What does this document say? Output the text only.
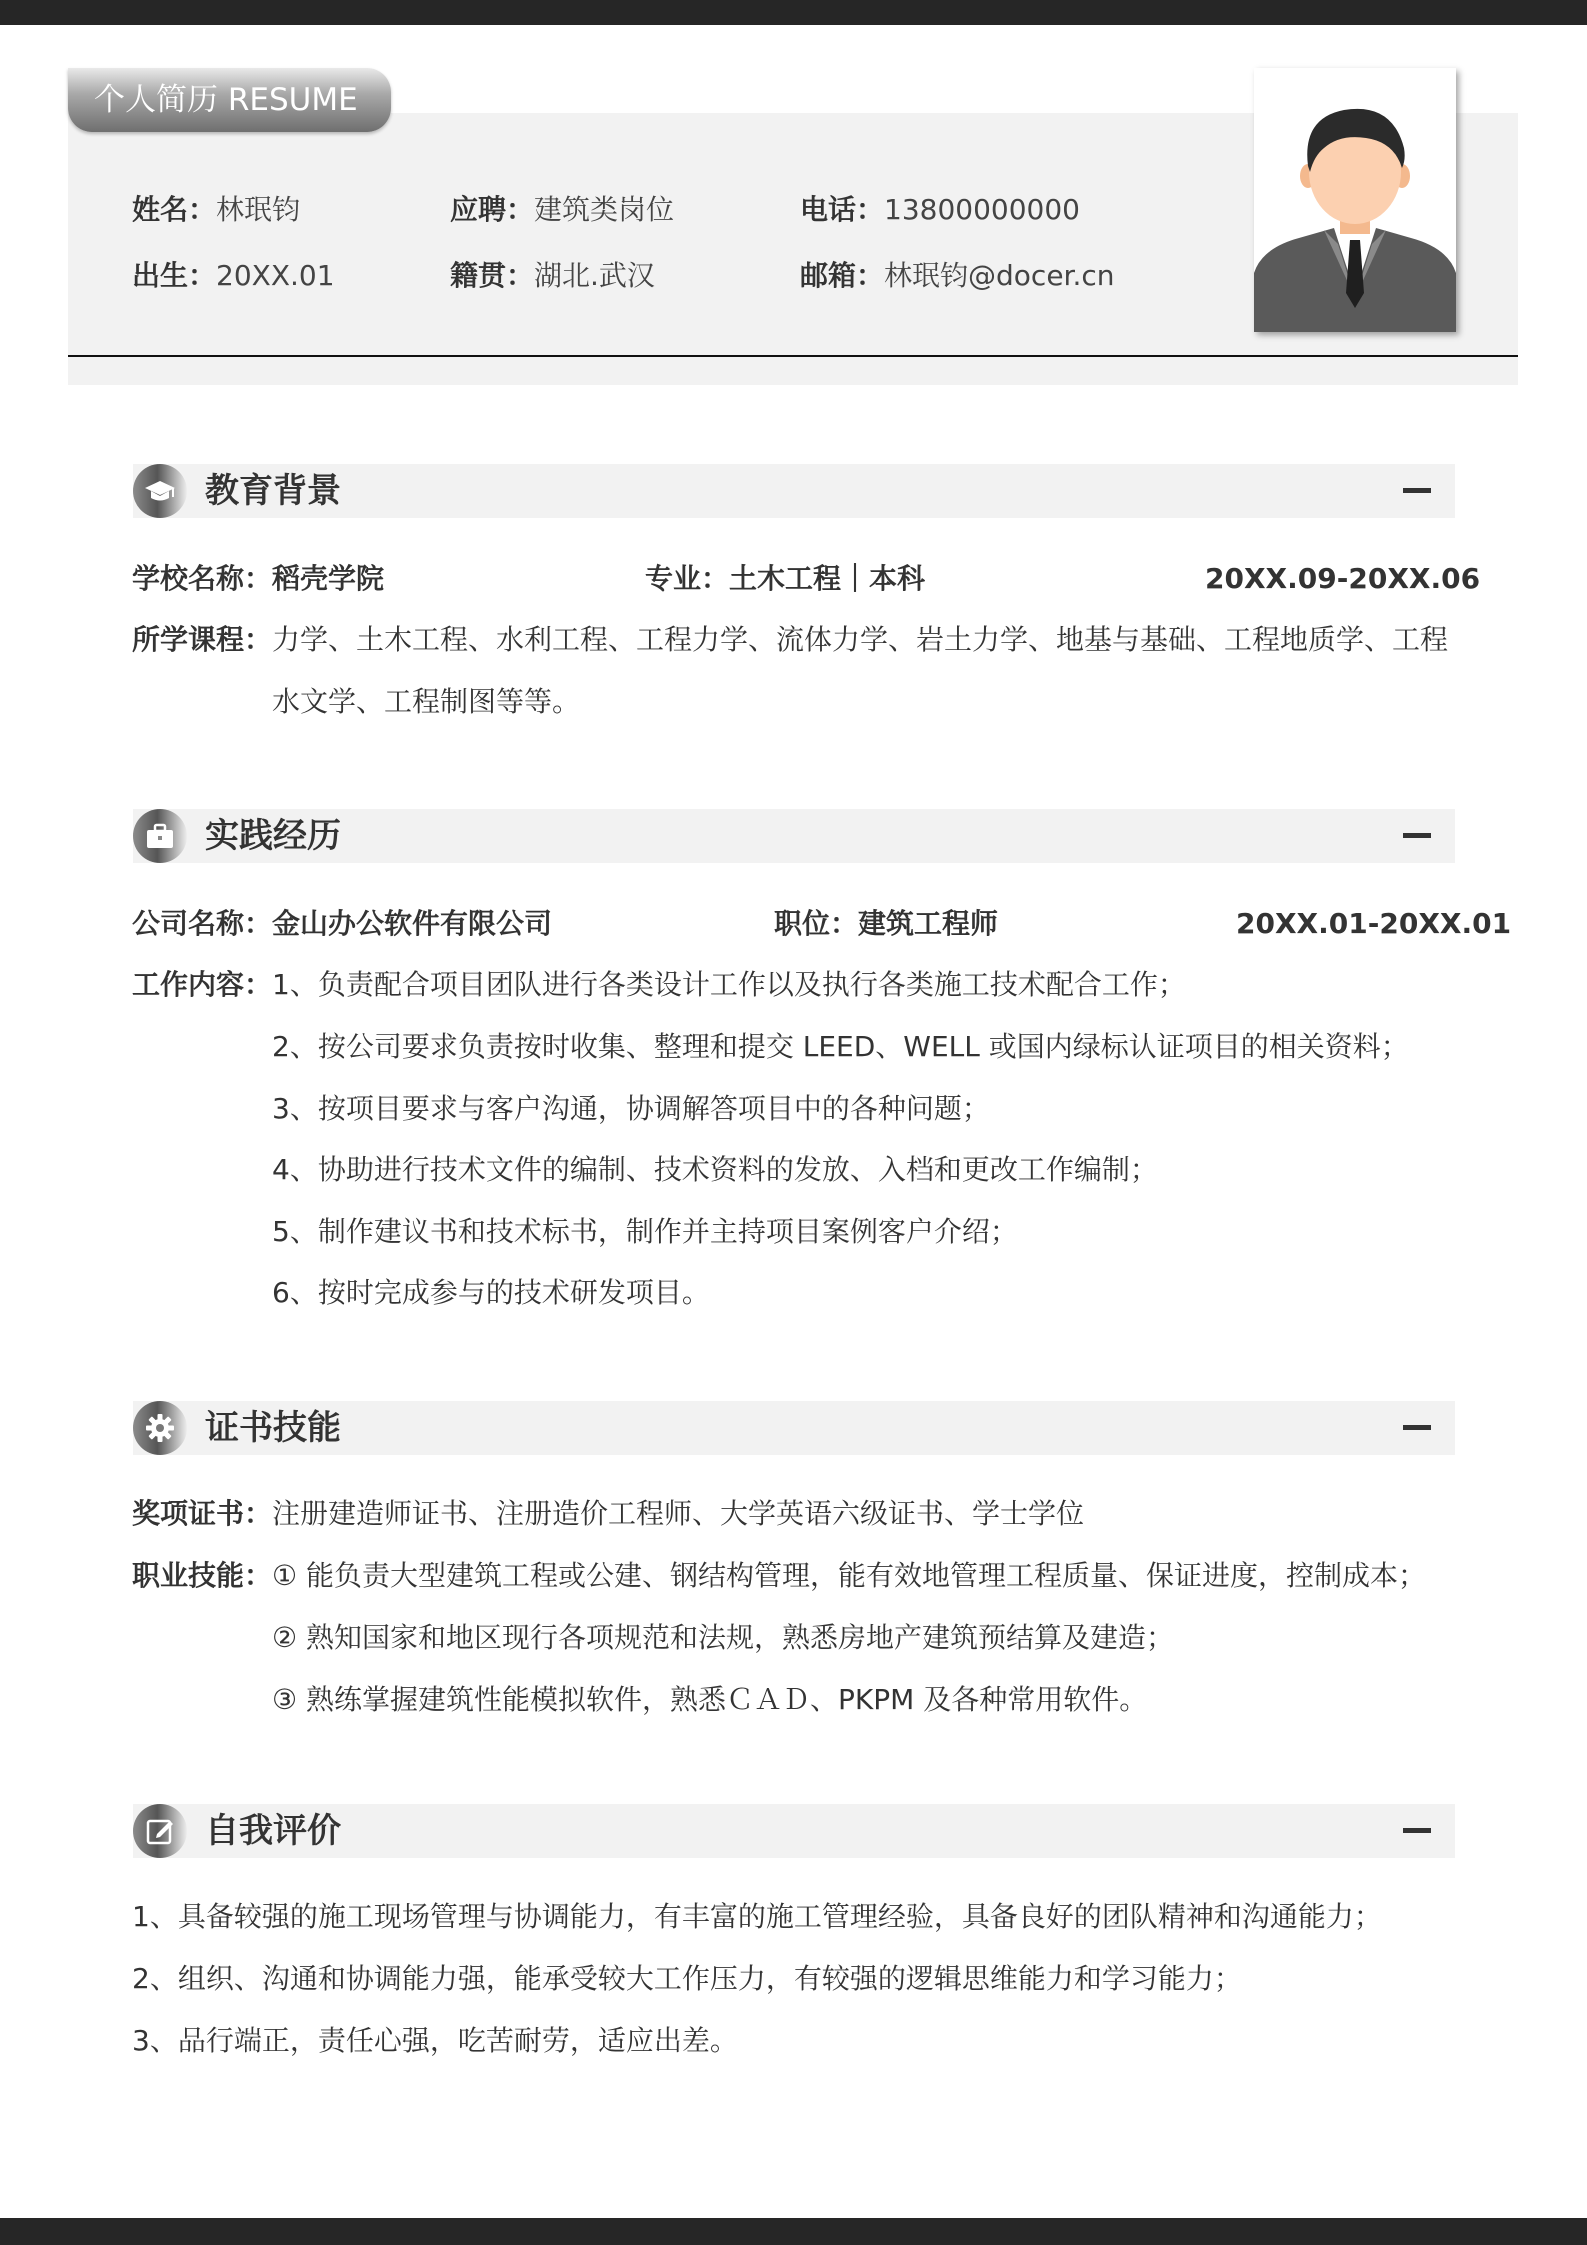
个人简历 RESUME
姓名：林珉钧	应聘：建筑类岗位	电话：13800000000
出生：20XX.01	籍贯：湖北.武汉	邮箱：林珉钧@docer.cn
教育背景
学校名称：稻壳学院	专业：土木工程｜本科	20XX.09-20XX.06
所学课程： 力学、土木工程、水利工程、工程力学、流体力学、岩土力学、地基与基础、工程地质学、工程
水文学、工程制图等等。
实践经历
公司名称：金山办公软件有限公司	职位：建筑工程师	20XX.01-20XX.01
工作内容： 1、负责配合项目团队进行各类设计工作以及执行各类施工技术配合工作；
2、按公司要求负责按时收集、整理和提交 LEED、WELL 或国内绿标认证项目的相关资料；
3、按项目要求与客户沟通，协调解答项目中的各种问题；
4、协助进行技术文件的编制、技术资料的发放、入档和更改工作编制；
5、制作建议书和技术标书，制作并主持项目案例客户介绍；
6、按时完成参与的技术研发项目。
证书技能
奖项证书： 注册建造师证书、注册造价工程师、大学英语六级证书、学士学位
职业技能： ① 能负责大型建筑工程或公建、钢结构管理，能有效地管理工程质量、保证进度，控制成本；
② 熟知国家和地区现行各项规范和法规，熟悉房地产建筑预结算及建造；
③ 熟练掌握建筑性能模拟软件，熟悉ＣＡＤ、PKPM 及各种常用软件。
自我评价
1、具备较强的施工现场管理与协调能力，有丰富的施工管理经验，具备良好的团队精神和沟通能力；
2、组织、沟通和协调能力强，能承受较大工作压力，有较强的逻辑思维能力和学习能力；
3、品行端正，责任心强，吃苦耐劳，适应出差。
